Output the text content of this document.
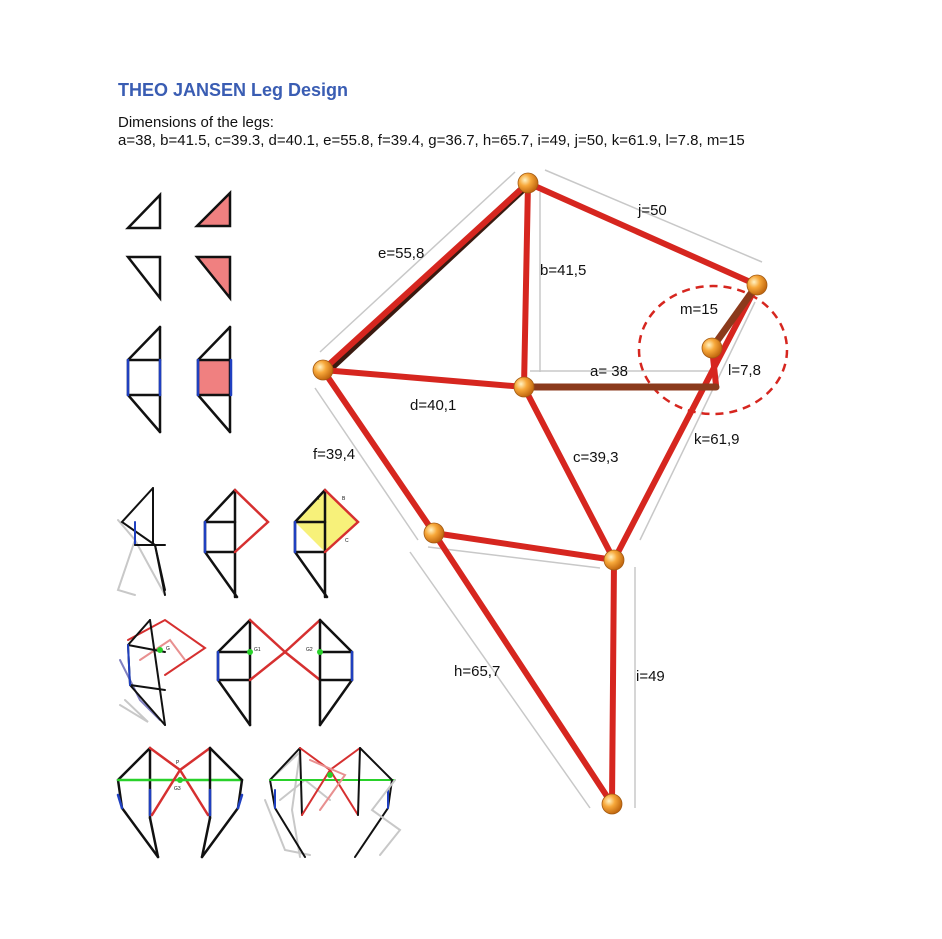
THEO JANSEN Leg Design
Dimensions of the legs:
a=38, b=41.5, c=39.3, d=40.1, e=55.8, f=39.4, g=36.7, h=65.7, i=49, j=50, k=61.9, l=7.8, m=15
e=55,8
j=50
b=41,5
m=15
a= 38	l=7,8
d=40,1
f=39,4	c=39,3
k=61,9
h=65,7	i=49
A	B
C
G	G1	G2
P
G3
